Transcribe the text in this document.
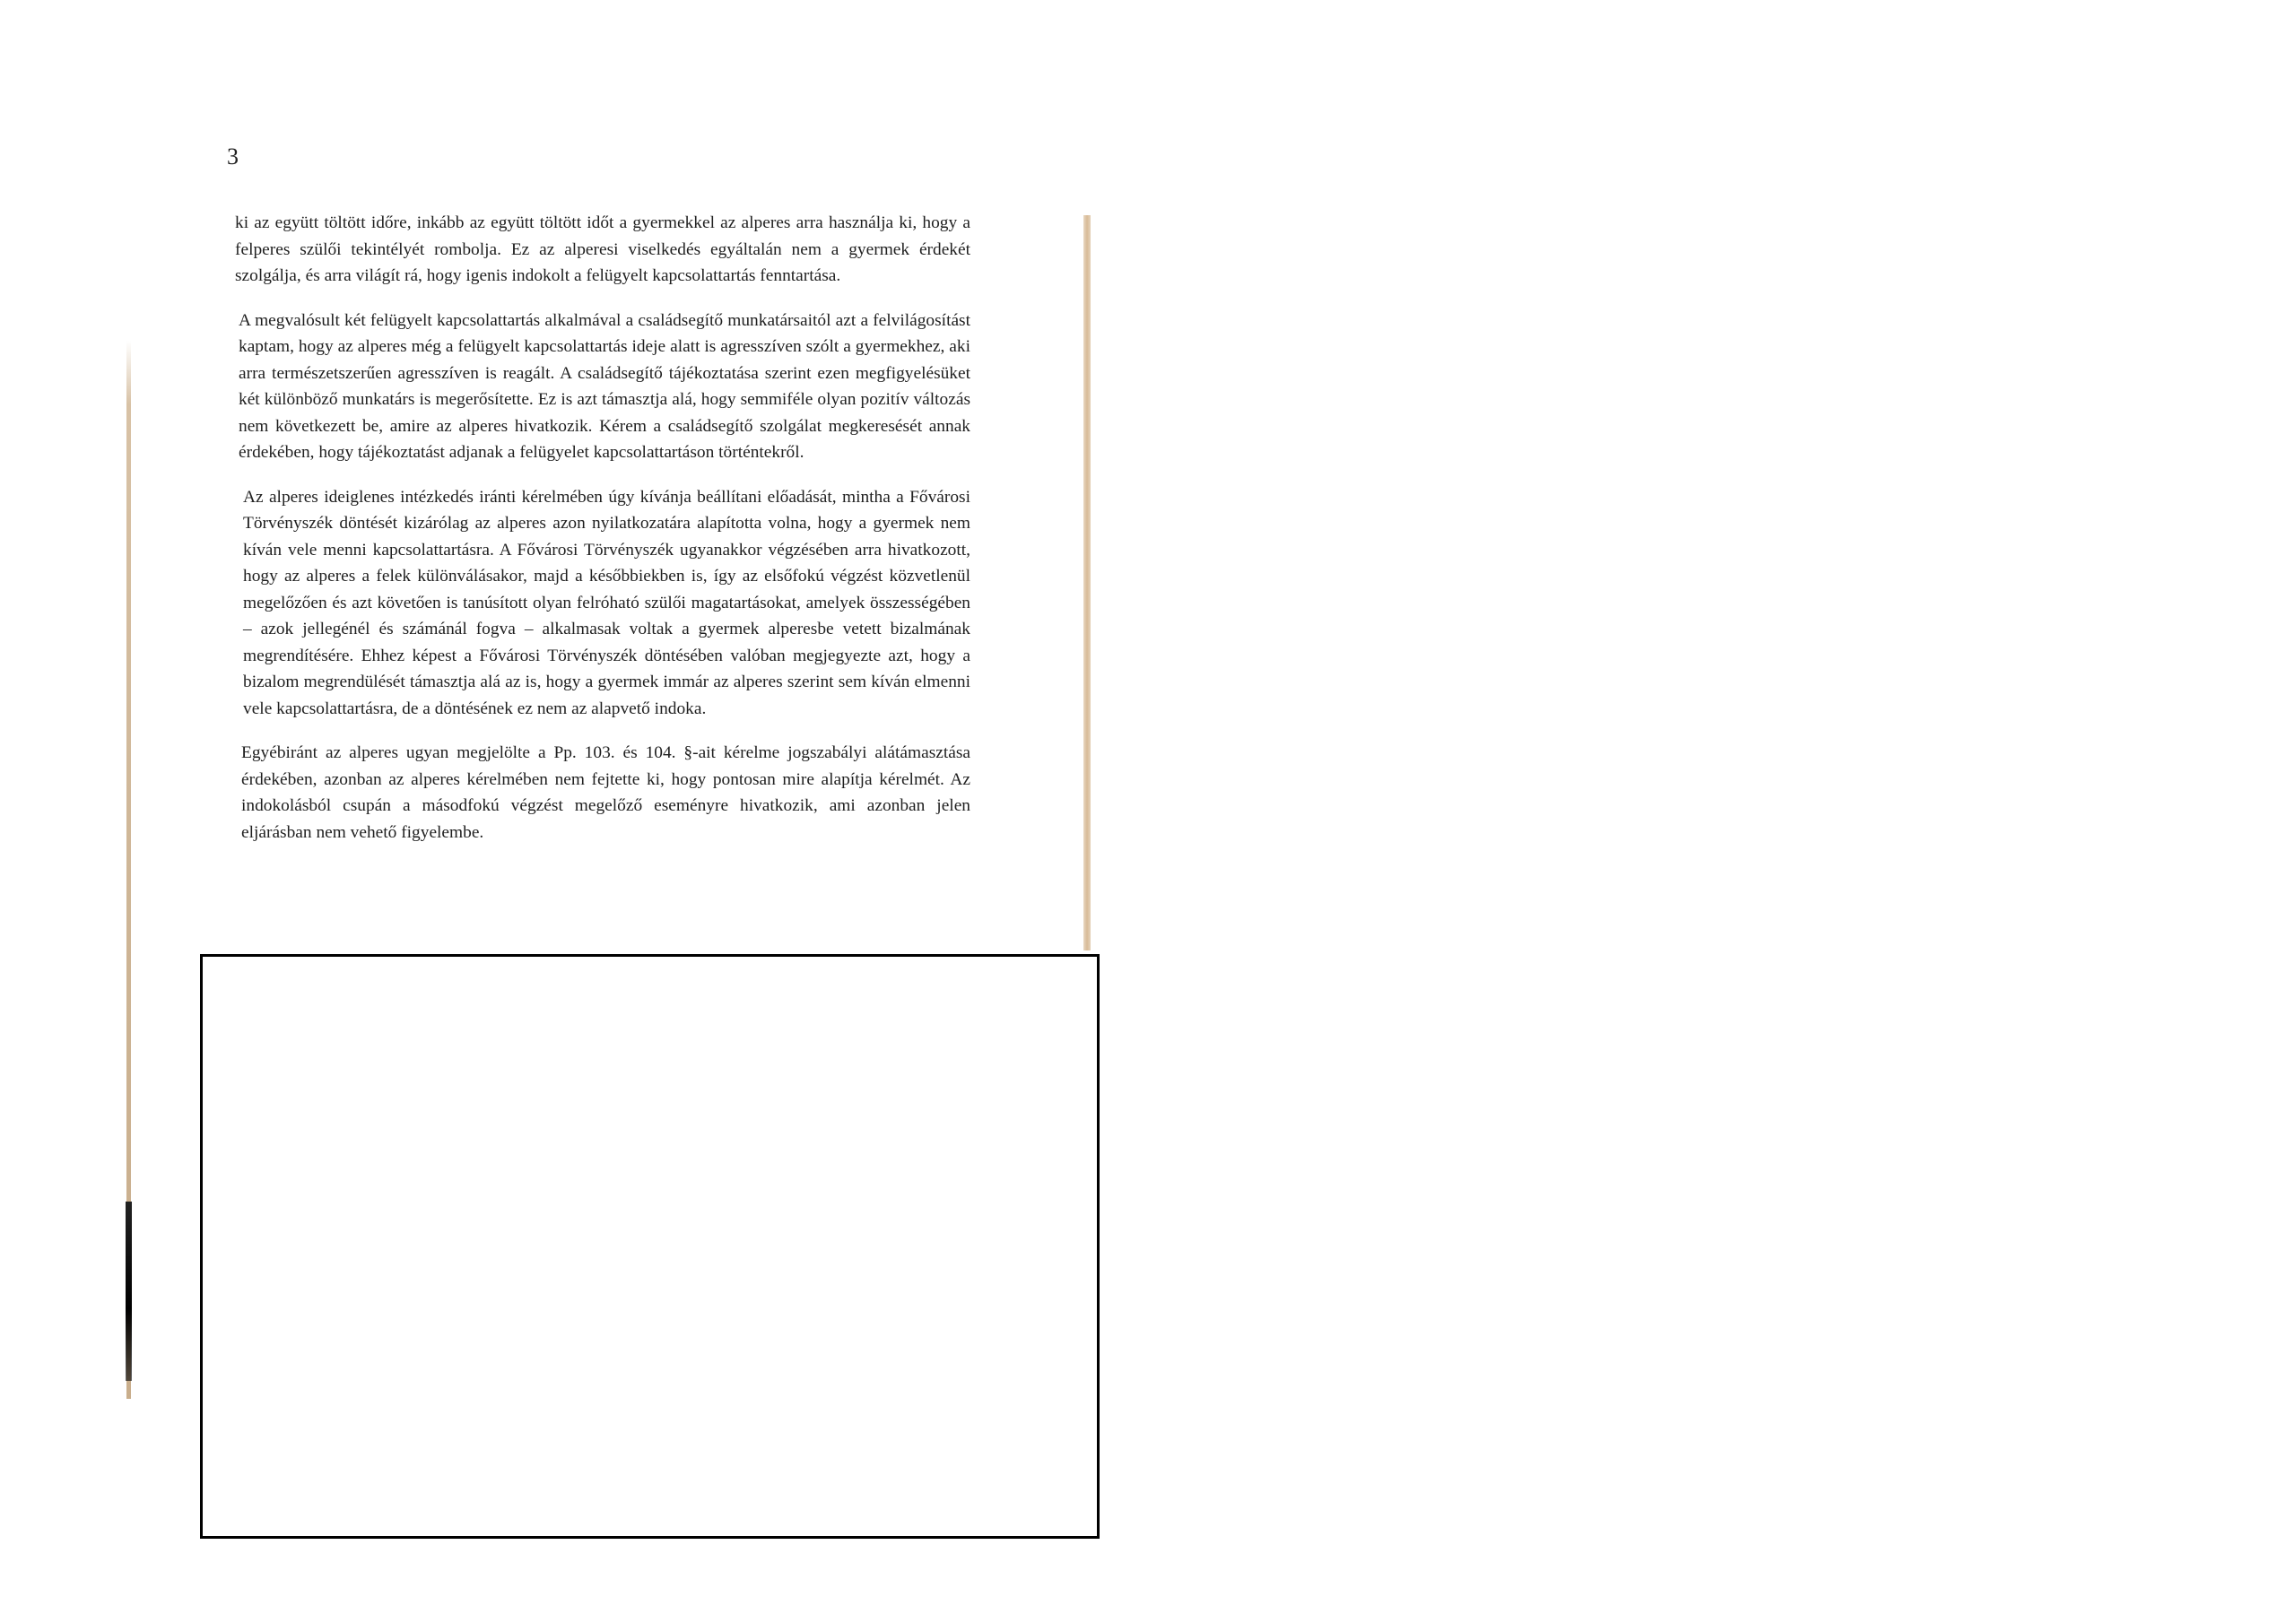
3

ki az együtt töltött időre, inkább az együtt töltött időt a gyermekkel az alperes arra használja ki, hogy a felperes szülői tekintélyét rombolja. Ez az alperesi viselkedés egyáltalán nem a gyermek érdekét szolgálja, és arra világít rá, hogy igenis indokolt a felügyelt kapcsolattartás fenntartása.

A megvalósult két felügyelt kapcsolattartás alkalmával a családsegítő munkatársaitól azt a felvilágosítást kaptam, hogy az alperes még a felügyelt kapcsolattartás ideje alatt is agresszíven szólt a gyermekhez, aki arra természetszerűen agresszíven is reagált. A családsegítő tájékoztatása szerint ezen megfigyelésüket két különböző munkatárs is megerősítette. Ez is azt támasztja alá, hogy semmiféle olyan pozitív változás nem következett be, amire az alperes hivatkozik. Kérem a családsegítő szolgálat megkeresését annak érdekében, hogy tájékoztatást adjanak a felügyelet kapcsolattartáson történtekről.

Az alperes ideiglenes intézkedés iránti kérelmében úgy kívánja beállítani előadását, mintha a Fővárosi Törvényszék döntését kizárólag az alperes azon nyilatkozatára alapította volna, hogy a gyermek nem kíván vele menni kapcsolattartásra. A Fővárosi Törvényszék ugyanakkor végzésében arra hivatkozott, hogy az alperes a felek különválásakor, majd a későbbiekben is, így az elsőfokú végzést közvetlenül megelőzően és azt követően is tanúsított olyan felróható szülői magatartásokat, amelyek összességében – azok jellegénél és számánál fogva – alkalmasak voltak a gyermek alperesbe vetett bizalmának megrendítésére. Ehhez képest a Fővárosi Törvényszék döntésében valóban megjegyezte azt, hogy a bizalom megrendülését támasztja alá az is, hogy a gyermek immár az alperes szerint sem kíván elmenni vele kapcsolattartásra, de a döntésének ez nem az alapvető indoka.

Egyébiránt az alperes ugyan megjelölte a Pp. 103. és 104. §-ait kérelme jogszabályi alátámasztása érdekében, azonban az alperes kérelmében nem fejtette ki, hogy pontosan mire alapítja kérelmét. Az indokolásból csupán a másodfokú végzést megelőző eseményre hivatkozik, ami azonban jelen eljárásban nem vehető figyelembe.
